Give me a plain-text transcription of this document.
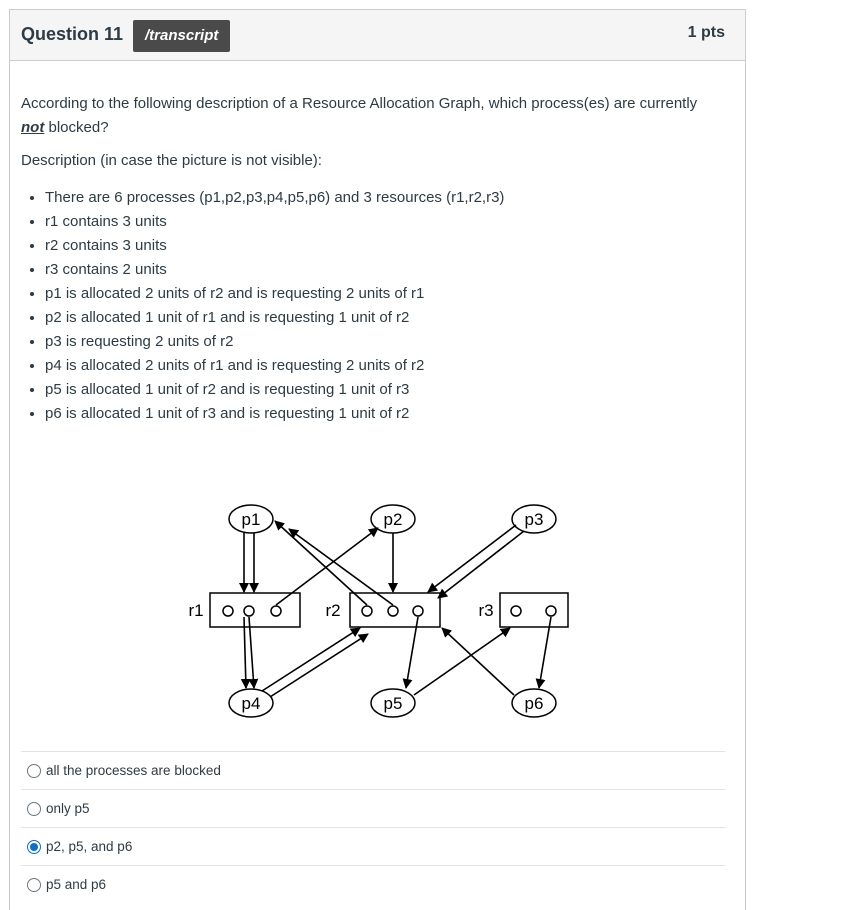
Question 11	/transcript	1 pts

According to the following description of a Resource Allocation Graph, which process(es) are currently not blocked?

Description (in case the picture is not visible):
• There are 6 processes (p1,p2,p3,p4,p5,p6) and 3 resources (r1,r2,r3)
• r1 contains 3 units
• r2 contains 3 units
• r3 contains 2 units
• p1 is allocated 2 units of r2 and is requesting 2 units of r1
• p2 is allocated 1 unit of r1 and is requesting 1 unit of r2
• p3 is requesting 2 units of r2
• p4 is allocated 2 units of r1 and is requesting 2 units of r2
• p5 is allocated 1 unit of r2 and is requesting 1 unit of r3
• p6 is allocated 1 unit of r3 and is requesting 1 unit of r2
p1	p2	p3
p4	p5	p6
r1	r2	r3
all the processes are blocked
only p5
p2, p5, and p6
p5 and p6
